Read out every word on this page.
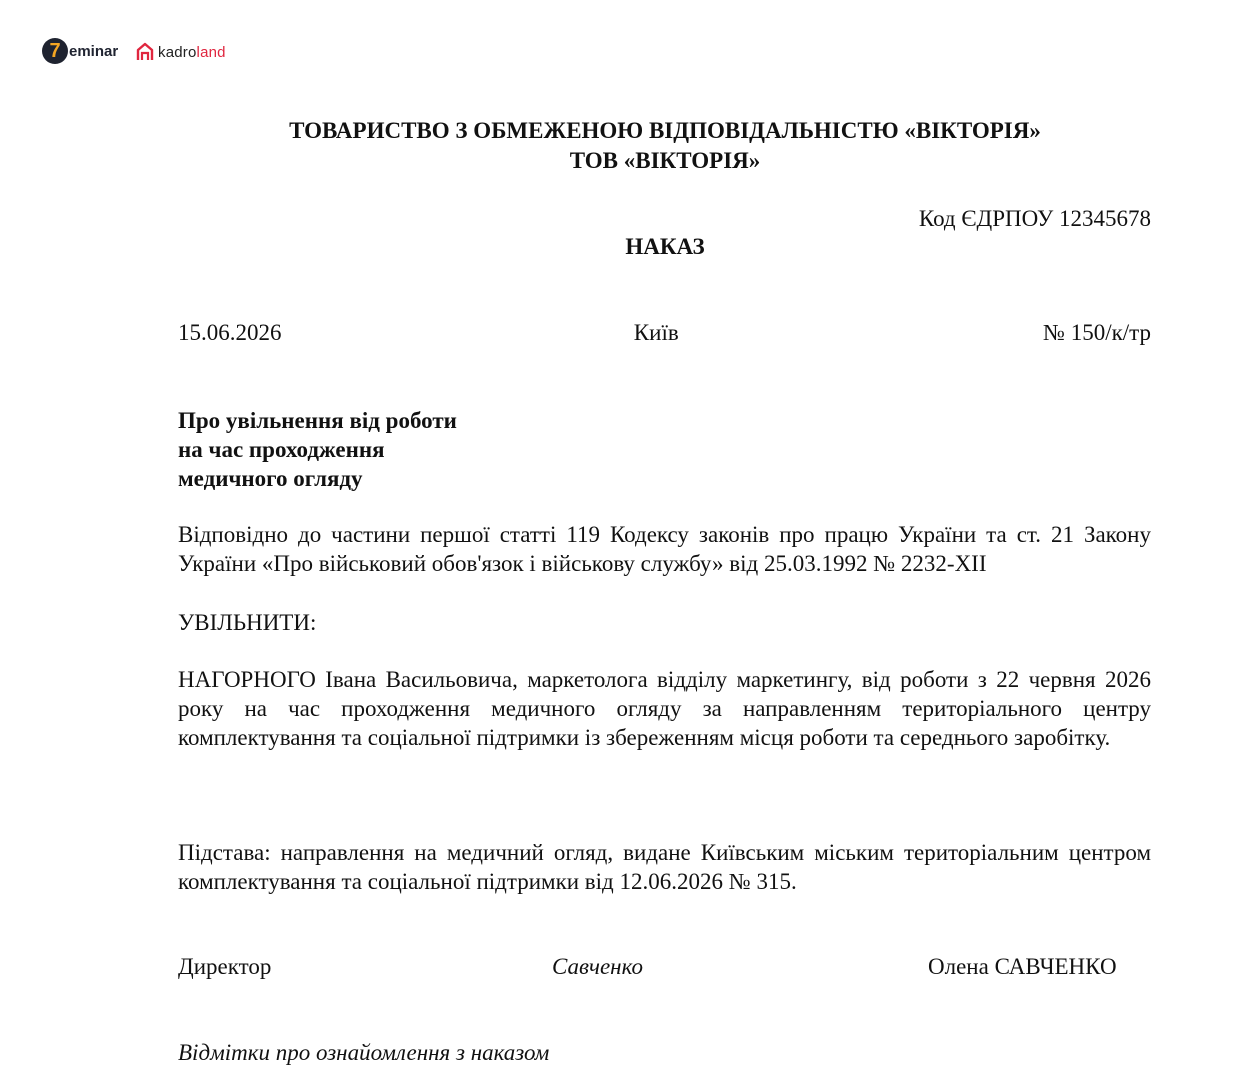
7 eminar	kadroland
ТОВАРИСТВО З ОБМЕЖЕНОЮ ВІДПОВІДАЛЬНІСТЮ «ВІКТОРІЯ»
ТОВ «ВІКТОРІЯ»
Код ЄДРПОУ 12345678
НАКАЗ
15.06.2026	Київ	№ 150/к/тр
Про увільнення від роботи
на час проходження
медичного огляду
Відповідно до частини першої статті 119 Кодексу законів про працю України та ст. 21 Закону України «Про військовий обов'язок і військову службу» від 25.03.1992 № 2232-XII
УВІЛЬНИТИ:
НАГОРНОГО Івана Васильовича, маркетолога відділу маркетингу, від роботи з 22 червня 2026 року на час проходження медичного огляду за направленням територіального центру комплектування та соціальної підтримки із збереженням місця роботи та середнього заробітку.
Підстава: направлення на медичний огляд, видане Київським міським територіальним центром комплектування та соціальної підтримки від 12.06.2026 № 315.
Директор	Савченко	Олена САВЧЕНКО
Відмітки про ознайомлення з наказом
